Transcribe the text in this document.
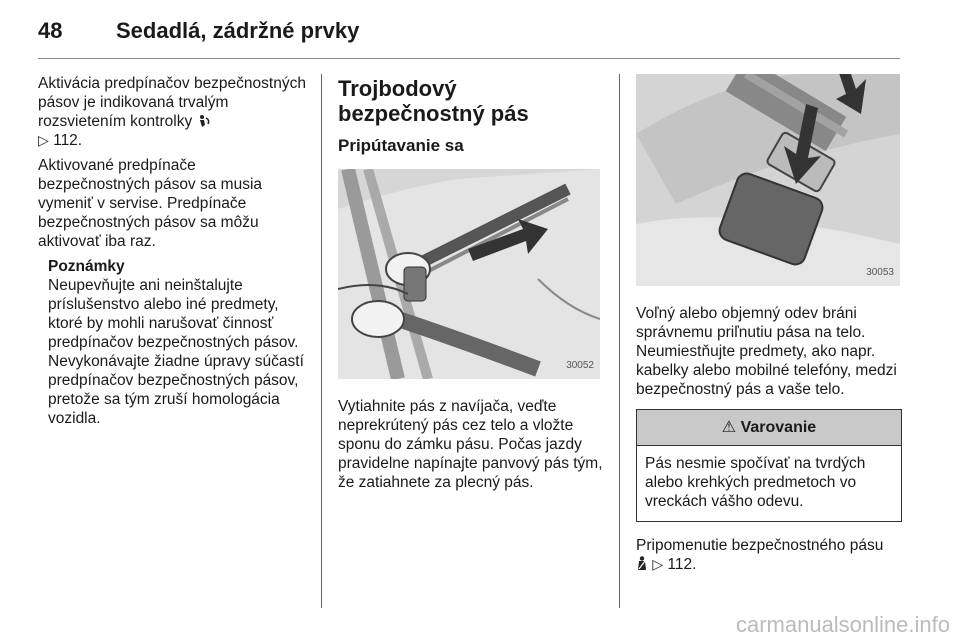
48 Sedadlá, zádržné prvky

Aktivácia predpínačov bezpečnostných pásov je indikovaná trvalým rozsvietením kontrolky
▷ 112.

Aktivované predpínače bezpečnostných pásov sa musia vymeniť v servise. Predpínače bezpečnostných pásov sa môžu aktivovať iba raz.

Poznámky
Neupevňujte ani neinštalujte príslušenstvo alebo iné predmety, ktoré by mohli narušovať činnosť predpínačov bezpečnostných pásov. Nevykonávajte žiadne úpravy súčastí predpínačov bezpečnostných pásov, pretože sa tým zruší homologácia vozidla.
Trojbodový bezpečnostný pás
Pripútavanie sa
30052

Vytiahnite pás z navíjača, veďte neprekrútený pás cez telo a vložte sponu do zámku pásu. Počas jazdy pravidelne napínajte panvový pás tým, že zatiahnete za plecný pás.

30053

Voľný alebo objemný odev bráni správnemu priľnutiu pása na telo. Neumiestňujte predmety, ako napr. kabelky alebo mobilné telefóny, medzi bezpečnostný pás a vaše telo.

⚠ Varovanie
Pás nesmie spočívať na tvrdých alebo krehkých predmetoch vo vreckách vášho odevu.

Pripomenutie bezpečnostného pásu
▷ 112.

carmanualsonline.info
